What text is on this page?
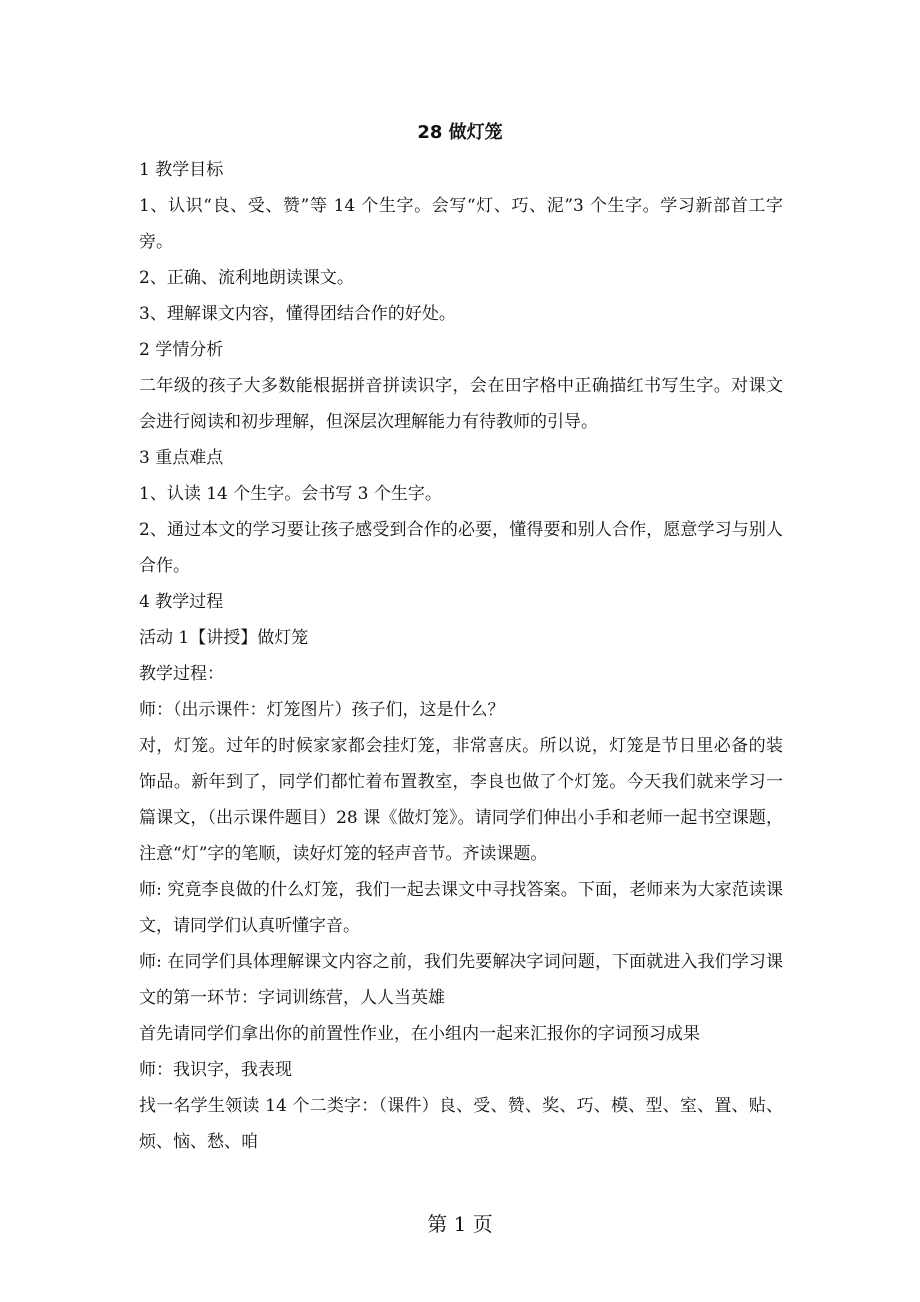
28 做灯笼

1 教学目标

1、认识“良、受、赞”等 14 个生字。会写“灯、巧、泥”3 个生字。学习新部首工字旁。

2、正确、流利地朗读课文。

3、理解课文内容，懂得团结合作的好处。

2 学情分析

二年级的孩子大多数能根据拼音拼读识字，会在田字格中正确描红书写生字。对课文会进行阅读和初步理解，但深层次理解能力有待教师的引导。

3 重点难点

1、认读 14 个生字。会书写 3 个生字。

2、通过本文的学习要让孩子感受到合作的必要，懂得要和别人合作，愿意学习与别人合作。

4 教学过程

活动 1【讲授】做灯笼

教学过程：

师：（出示课件：灯笼图片）孩子们，这是什么？

对，灯笼。过年的时候家家都会挂灯笼，非常喜庆。所以说，灯笼是节日里必备的装饰品。新年到了，同学们都忙着布置教室，李良也做了个灯笼。今天我们就来学习一篇课文，（出示课件题目）28 课《做灯笼》。请同学们伸出小手和老师一起书空课题，注意“灯”字的笔顺，读好灯笼的轻声音节。齐读课题。

师: 究竟李良做的什么灯笼，我们一起去课文中寻找答案。下面，老师来为大家范读课文，请同学们认真听懂字音。

师: 在同学们具体理解课文内容之前，我们先要解决字词问题，下面就进入我们学习课文的第一环节：字词训练营，人人当英雄

首先请同学们拿出你的前置性作业，在小组内一起来汇报你的字词预习成果

师：我识字，我表现

找一名学生领读 14 个二类字：（课件）良、受、赞、奖、巧、模、型、室、置、贴、烦、恼、愁、咱

第 1 页
